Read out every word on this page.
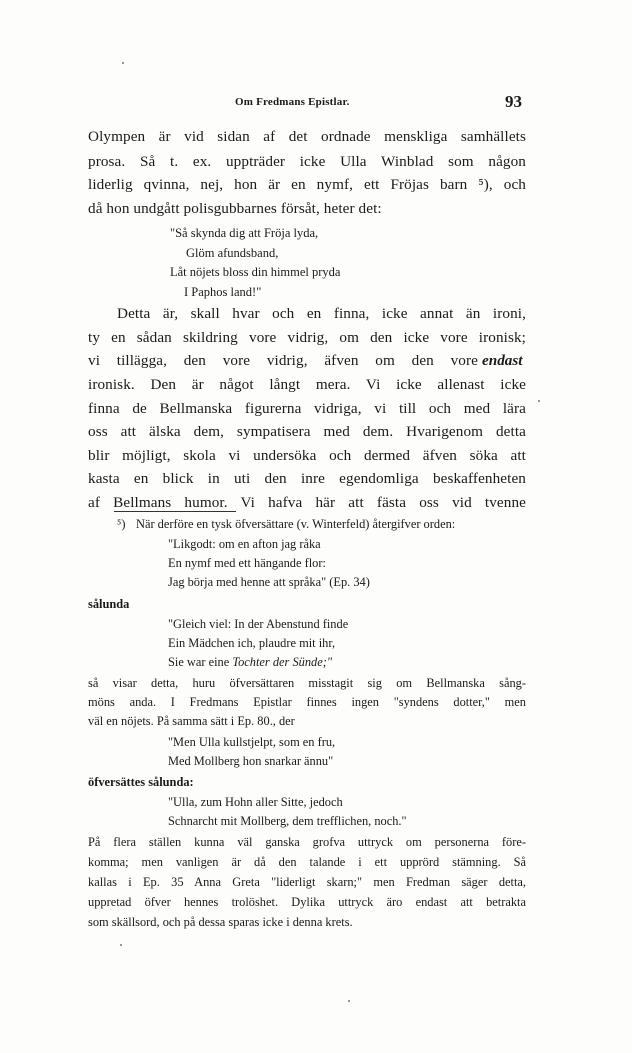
Om Fredmans Epistlar.	93
Olympen är vid sidan af det ordnade menskliga samhällets
prosa. Så t. ex. uppträder icke Ulla Winblad som någon
liderlig qvinna, nej, hon är en nymf, ett Fröjas barn ⁵), och
då hon undgått polisgubbarnes försåt, heter det:
"Så skynda dig att Fröja lyda,
Glöm afundsband,
Låt nöjets bloss din himmel pryda
I Paphos land!"
Detta är, skall hvar och en finna, icke annat än ironi,
ty en sådan skildring vore vidrig, om den icke vore ironisk;
vi tillägga, den vore vidrig, äfven om den vore endast
ironisk. Den är något långt mera. Vi icke allenast icke
finna de Bellmanska figurerna vidriga, vi till och med lära
oss att älska dem, sympatisera med dem. Hvarigenom detta
blir möjligt, skola vi undersöka och dermed äfven söka att
kasta en blick in uti den inre egendomliga beskaffenheten
af Bellmans humor. Vi hafva här att fästa oss vid tvenne
⁵) När derföre en tysk öfversättare (v. Winterfeld) återgifver orden:
"Likgodt: om en afton jag råka
En nymf med ett hängande flor:
Jag börja med henne att språka" (Ep. 34)
sålunda
"Gleich viel: In der Abenstund finde
Ein Mädchen ich, plaudre mit ihr,
Sie war eine Tochter der Sünde;"
så visar detta, huru öfversättaren misstagit sig om Bellmanska sång-
möns anda. I Fredmans Epistlar finnes ingen "syndens dotter," men
väl en nöjets. På samma sätt i Ep. 80., der
"Men Ulla kullstjelpt, som en fru,
Med Mollberg hon snarkar ännu"
öfversättes sålunda:
"Ulla, zum Hohn aller Sitte, jedoch
Schnarcht mit Mollberg, dem trefflichen, noch."
På flera ställen kunna väl ganska grofva uttryck om personerna före-
komma; men vanligen är då den talande i ett upprörd stämning. Så
kallas i Ep. 35 Anna Greta "liderligt skarn;" men Fredman säger detta,
uppretad öfver hennes trolöshet. Dylika uttryck äro endast att betrakta
som skällsord, och på dessa sparas icke i denna krets.
